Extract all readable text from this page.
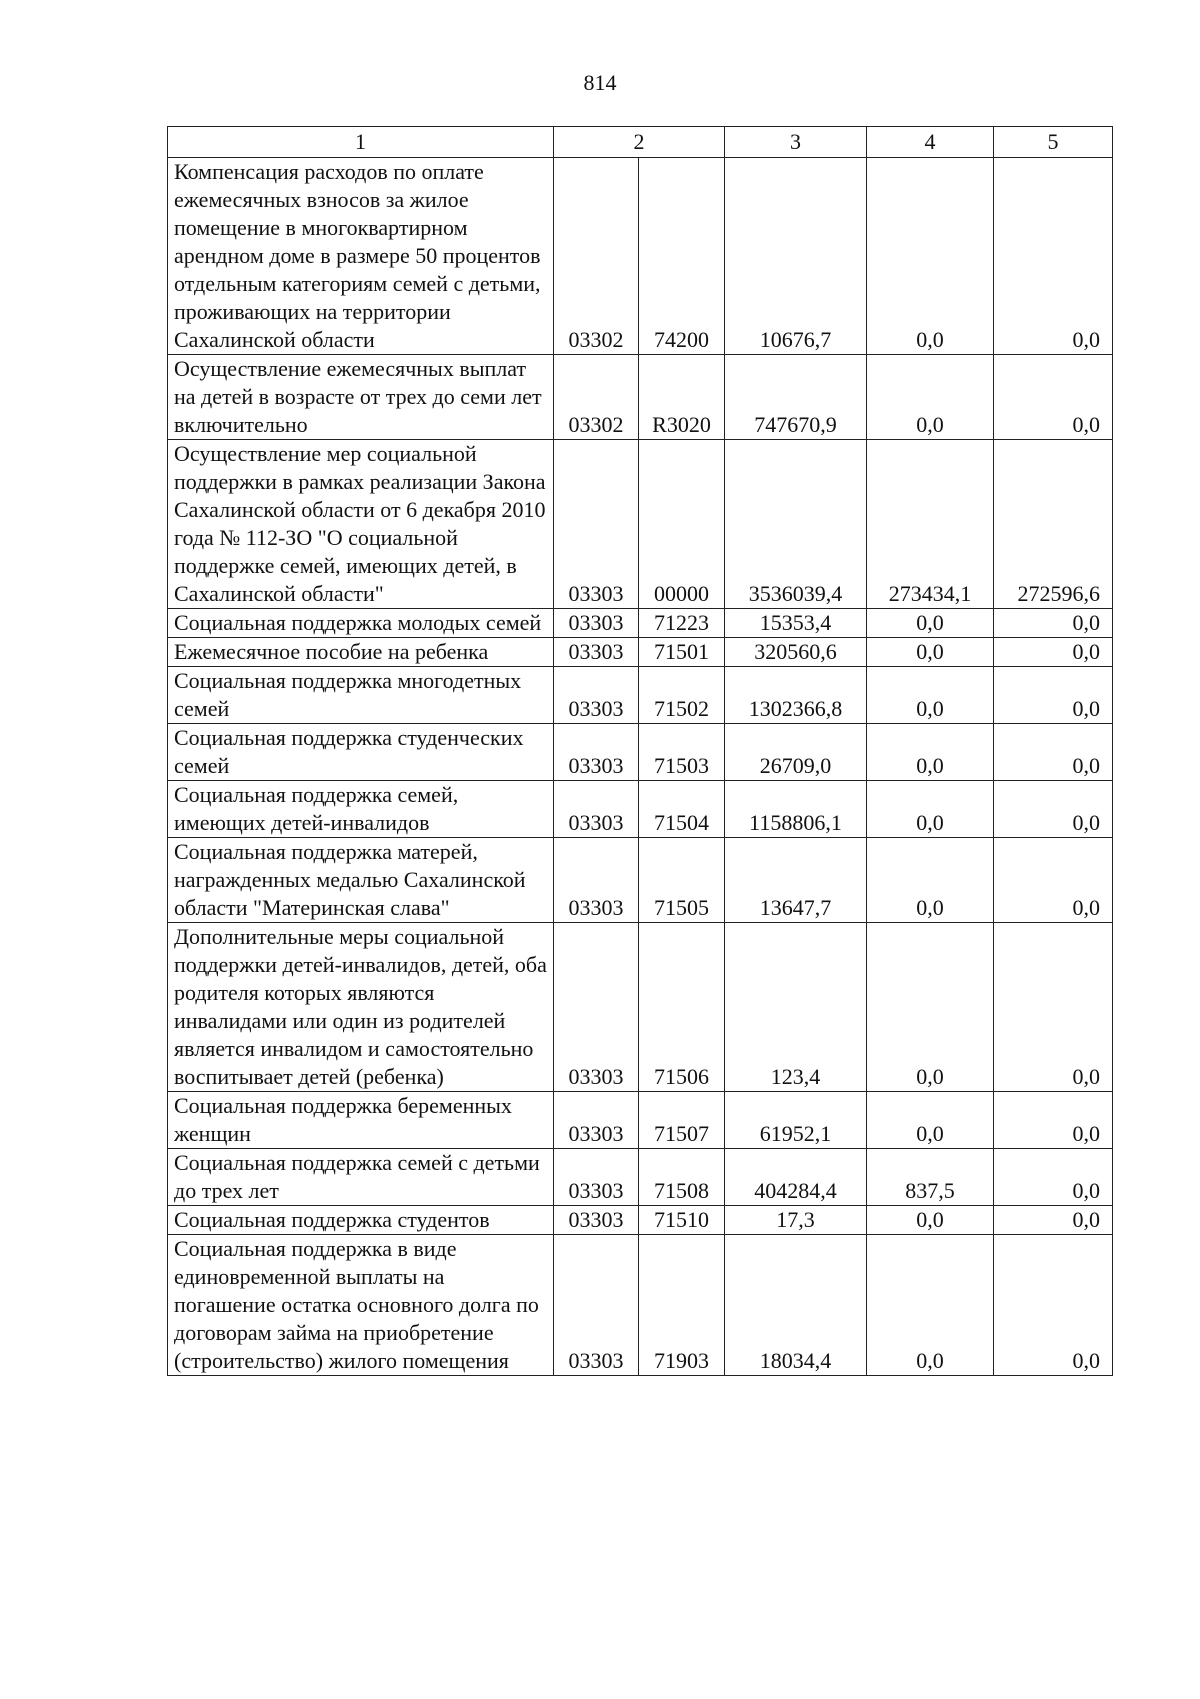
814
1	2		3	4	5
Компенсация расходов по оплате ежемесячных взносов за жилое помещение в многоквартирном арендном доме в размере 50 процентов отдельным категориям семей с детьми, проживающих на территории Сахалинской области	03302	74200	10676,7	0,0	0,0
Осуществление ежемесячных выплат на детей в возрасте от трех до семи лет включительно	03302	R3020	747670,9	0,0	0,0
Осуществление мер социальной поддержки в рамках реализации Закона Сахалинской области от 6 декабря 2010 года № 112-ЗО "О социальной поддержке семей, имеющих детей, в Сахалинской области"	03303	00000	3536039,4	273434,1	272596,6
Социальная поддержка молодых семей	03303	71223	15353,4	0,0	0,0
Ежемесячное пособие на ребенка	03303	71501	320560,6	0,0	0,0
Социальная поддержка многодетных семей	03303	71502	1302366,8	0,0	0,0
Социальная поддержка студенческих семей	03303	71503	26709,0	0,0	0,0
Социальная поддержка семей, имеющих детей-инвалидов	03303	71504	1158806,1	0,0	0,0
Социальная поддержка матерей, награжденных медалью Сахалинской области "Материнская слава"	03303	71505	13647,7	0,0	0,0
Дополнительные меры социальной поддержки детей-инвалидов, детей, оба родителя которых являются инвалидами или один из родителей является инвалидом и самостоятельно воспитывает детей (ребенка)	03303	71506	123,4	0,0	0,0
Социальная поддержка беременных женщин	03303	71507	61952,1	0,0	0,0
Социальная поддержка семей с детьми до трех лет	03303	71508	404284,4	837,5	0,0
Социальная поддержка студентов	03303	71510	17,3	0,0	0,0
Социальная поддержка в виде единовременной выплаты на погашение остатка основного долга по договорам займа на приобретение (строительство) жилого помещения	03303	71903	18034,4	0,0	0,0
